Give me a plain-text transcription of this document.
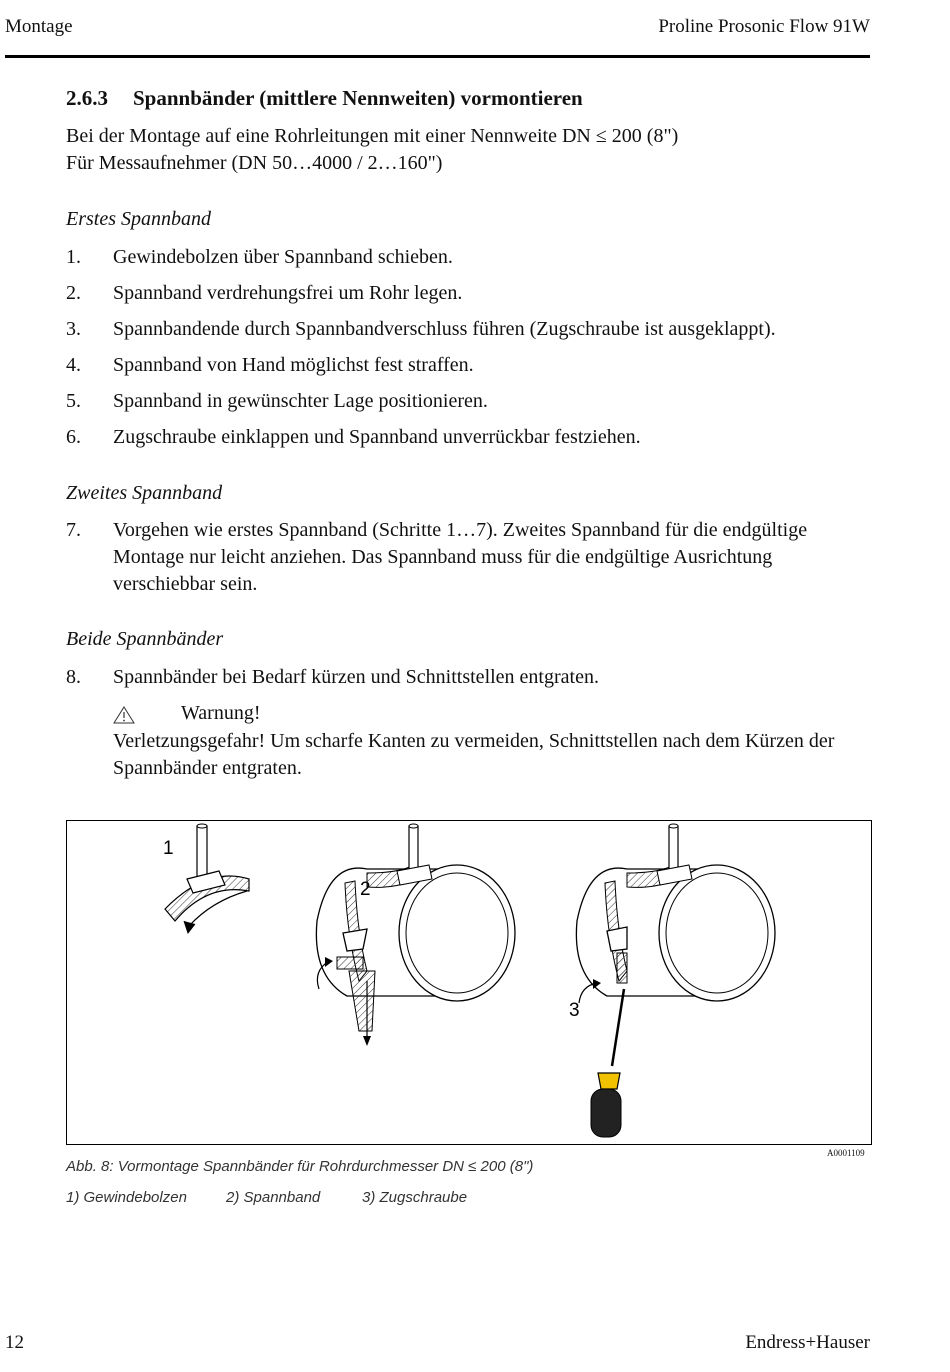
Montage	Proline Prosonic Flow 91W
2.6.3 Spannbänder (mittlere Nennweiten) vormontieren
Bei der Montage auf eine Rohrleitungen mit einer Nennweite DN ≤ 200 (8")
Für Messaufnehmer (DN 50…4000 / 2…160")
Erstes Spannband
1. Gewindebolzen über Spannband schieben.
2. Spannband verdrehungsfrei um Rohr legen.
3. Spannbandende durch Spannbandverschluss führen (Zugschraube ist ausgeklappt).
4. Spannband von Hand möglichst fest straffen.
5. Spannband in gewünschter Lage positionieren.
6. Zugschraube einklappen und Spannband unverrückbar festziehen.
Zweites Spannband
7. Vorgehen wie erstes Spannband (Schritte 1…7). Zweites Spannband für die endgültige Montage nur leicht anziehen. Das Spannband muss für die endgültige Ausrichtung verschiebbar sein.
Beide Spannbänder
8. Spannbänder bei Bedarf kürzen und Schnittstellen entgraten.
Warnung!
Verletzungsgefahr! Um scharfe Kanten zu vermeiden, Schnittstellen nach dem Kürzen der Spannbänder entgraten.
1
2
3
A0001109
Abb. 8: Vormontage Spannbänder für Rohrdurchmesser DN ≤ 200 (8")
1) Gewindebolzen	2) Spannband	3) Zugschraube
12	Endress+Hauser
